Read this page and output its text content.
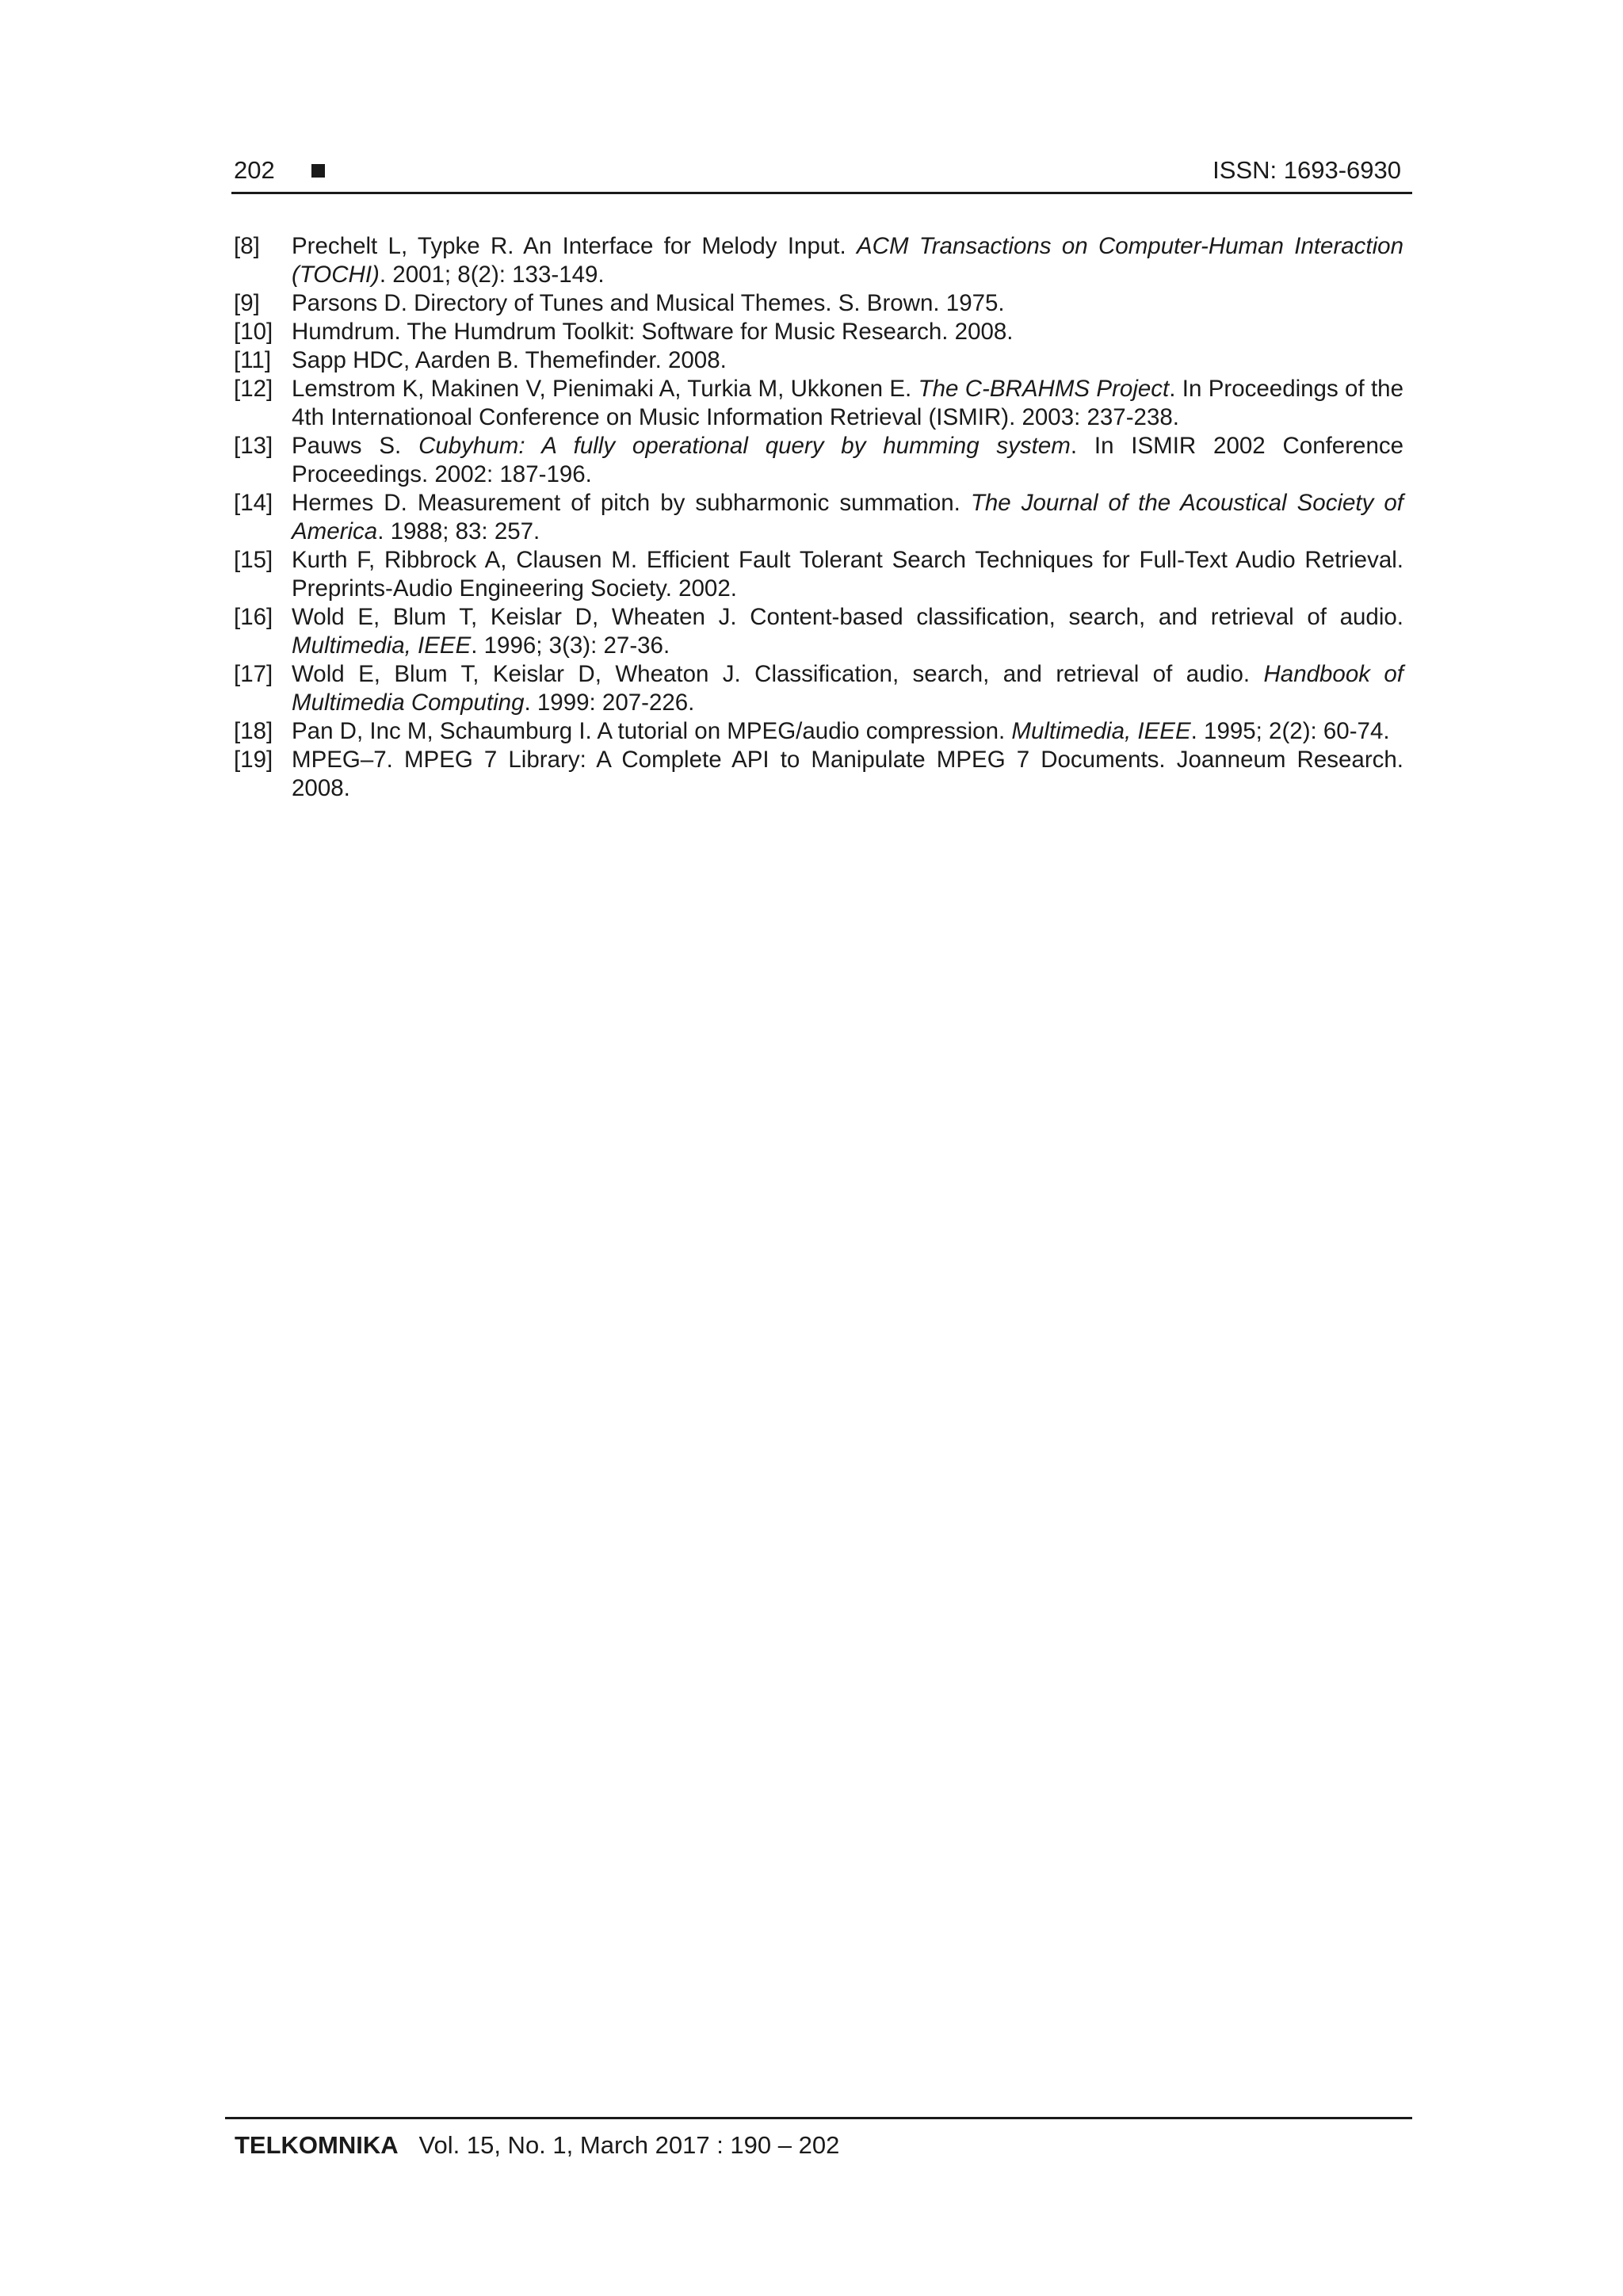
202	ISSN: 1693-6930
[8]	Prechelt L, Typke R. An Interface for Melody Input. ACM Transactions on Computer-Human Interaction (TOCHI). 2001; 8(2): 133-149.
[9]	Parsons D. Directory of Tunes and Musical Themes. S. Brown. 1975.
[10] Humdrum. The Humdrum Toolkit: Software for Music Research. 2008.
[11] Sapp HDC, Aarden B. Themefinder. 2008.
[12] Lemstrom K, Makinen V, Pienimaki A, Turkia M, Ukkonen E. The C-BRAHMS Project. In Proceedings of the 4th Internationoal Conference on Music Information Retrieval (ISMIR). 2003: 237-238.
[13] Pauws S. Cubyhum: A fully operational query by humming system. In ISMIR 2002 Conference Proceedings. 2002: 187-196.
[14] Hermes D. Measurement of pitch by subharmonic summation. The Journal of the Acoustical Society of America. 1988; 83: 257.
[15] Kurth F, Ribbrock A, Clausen M. Efficient Fault Tolerant Search Techniques for Full-Text Audio Retrieval. Preprints-Audio Engineering Society. 2002.
[16] Wold E, Blum T, Keislar D, Wheaten J. Content-based classification, search, and retrieval of audio. Multimedia, IEEE. 1996; 3(3): 27-36.
[17] Wold E, Blum T, Keislar D, Wheaton J. Classification, search, and retrieval of audio. Handbook of Multimedia Computing. 1999: 207-226.
[18] Pan D, Inc M, Schaumburg I. A tutorial on MPEG/audio compression. Multimedia, IEEE. 1995; 2(2): 60-74.
[19] MPEG–7. MPEG 7 Library: A Complete API to Manipulate MPEG 7 Documents. Joanneum Research. 2008.
TELKOMNIKA Vol. 15, No. 1, March 2017 : 190 – 202
